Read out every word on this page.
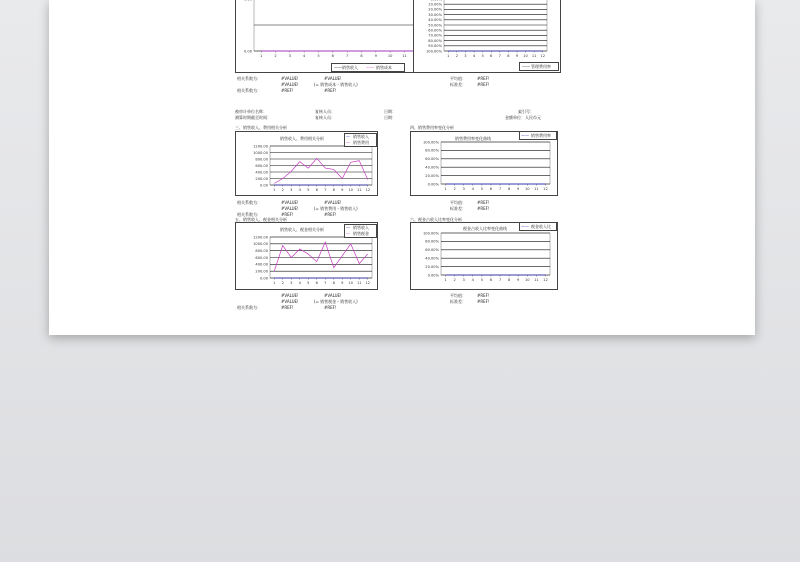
0.00
1	2	3	4	5	6	7	8	9	10	11
—— 销售收入 —— 销售成本
100.00%
90.00%
80.00%
70.00%
60.00%
50.00%
40.00%
30.00%
20.00%
10.00%
1 2 3 4 5 6 7 8 9 10 11 12
—— 管理费用率
相关系数为：	#VALUE!	#VALUE!
#VALUE!	(= 销售成本 - 销售收入)
相关系数为：	#REF!	#REF!
平均值：	#REF!
标准差：	#REF!
被审计单位名称：	复核人员：	日期：	索引号：
测算时期截至时间：	复核人员：	日期：	金额单位：人民币元
三、销售收入、费用相关分析
0.00
200.00
400.00
600.00
800.00
1000.00
1200.00
1 2 3 4 5 6 7 8 9 10 11 12
销售收入、费用相关分析	— 销售收入
— 销售费用
四、销售费用率变化分析
0.00%
20.00%
40.00%
60.00%
80.00%
100.00%
1 2 3 4 5 6 7 8 9 10 11 12
销售费用率变化曲线
—— 销售费用率
相关系数为：	#VALUE!	#VALUE!
#VALUE!	(= 销售费用 - 销售收入)
相关系数为：	#REF!	#REF!
平均值：	#REF!
标准差：	#REF!
五、销售收入、税金相关分析
0.00
200.00
400.00
600.00
800.00
1000.00
1200.00
1 2 3 4 5 6 7 8 9 10 11 12
销售收入、税金相关分析	— 销售收入
— 销售税金
六、税金占收入比率变化分析
0.00%
20.00%
40.00%
60.00%
80.00%
100.00%
1 2 3 4 5 6 7 8 9 10 11 12
税金占收入比率变化曲线	—— 税金收入比
#VALUE!	#VALUE!
#VALUE!	(= 销售税金 - 销售收入)
相关系数为：	#REF!	#REF!
平均值：	#REF!
标准差：	#REF!
